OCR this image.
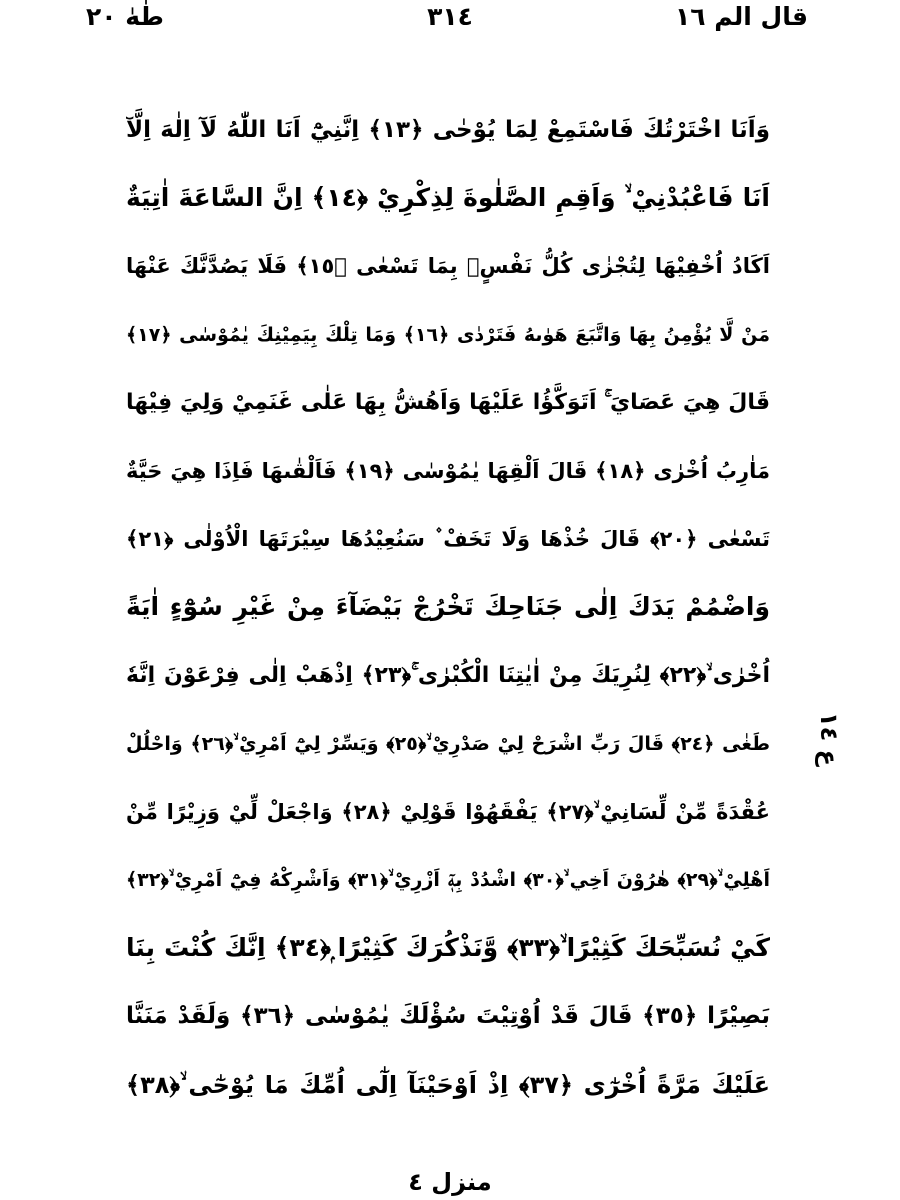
قال الم ١٦
٣١٤
طٰهٰ ٢٠
وَاَنَا اخْتَرْتُكَ فَاسْتَمِعْ لِمَا يُوْحٰى ﴿١٣﴾ اِنَّنِيْٓ اَنَا اللّٰهُ لَآ اِلٰهَ اِلَّآ
اَنَا فَاعْبُدْنِيْ ۙ وَاَقِمِ الصَّلٰوةَ لِذِكْرِيْ ﴿١٤﴾ اِنَّ السَّاعَةَ اٰتِيَةٌ
اَكَادُ اُخْفِيْهَا لِتُجْزٰى كُلُّ نَفْسٍۭ بِمَا تَسْعٰى ﴿١٥﴾ فَلَا يَصُدَّنَّكَ عَنْهَا
مَنْ لَّا يُؤْمِنُ بِهَا وَاتَّبَعَ هَوٰىهُ فَتَرْدٰى ﴿١٦﴾ وَمَا تِلْكَ بِيَمِيْنِكَ يٰمُوْسٰى ﴿١٧﴾
قَالَ هِيَ عَصَايَ ۚ اَتَوَكَّؤُا عَلَيْهَا وَاَهُشُّ بِهَا عَلٰى غَنَمِيْ وَلِيَ فِيْهَا
مَاٰرِبُ اُخْرٰى ﴿١٨﴾ قَالَ اَلْقِهَا يٰمُوْسٰى ﴿١٩﴾ فَاَلْقٰىهَا فَاِذَا هِيَ حَيَّةٌ
تَسْعٰى ﴿٢٠﴾ قَالَ خُذْهَا وَلَا تَخَفْ ۫ سَنُعِيْدُهَا سِيْرَتَهَا الْاُوْلٰى ﴿٢١﴾
وَاضْمُمْ يَدَكَ اِلٰى جَنَاحِكَ تَخْرُجْ بَيْضَآءَ مِنْ غَيْرِ سُوْٓءٍ اٰيَةً
اُخْرٰى ۙ﴿٢٢﴾ لِنُرِيَكَ مِنْ اٰيٰتِنَا الْكُبْرٰى ۚ﴿٢٣﴾ اِذْهَبْ اِلٰى فِرْعَوْنَ اِنَّهٗ
طَغٰى ﴿٢٤﴾ قَالَ رَبِّ اشْرَحْ لِيْ صَدْرِيْ ۙ﴿٢٥﴾ وَيَسِّرْ لِيْٓ اَمْرِيْ ۙ﴿٢٦﴾ وَاحْلُلْ
عُقْدَةً مِّنْ لِّسَانِيْ ۙ﴿٢٧﴾ يَفْقَهُوْا قَوْلِيْ ﴿٢٨﴾ وَاجْعَلْ لِّيْ وَزِيْرًا مِّنْ
اَهْلِيْ ۙ﴿٢٩﴾ هٰرُوْنَ اَخِي ۙ﴿٣٠﴾ اشْدُدْ بِهٖٓ اَزْرِيْ ۙ﴿٣١﴾ وَاَشْرِكْهُ فِيْٓ اَمْرِيْ ۙ﴿٣٢﴾
كَيْ نُسَبِّحَكَ كَثِيْرًا ۙ﴿٣٣﴾ وَّنَذْكُرَكَ كَثِيْرًا ۭ﴿٣٤﴾ اِنَّكَ كُنْتَ بِنَا
بَصِيْرًا ﴿٣٥﴾ قَالَ قَدْ اُوْتِيْتَ سُؤْلَكَ يٰمُوْسٰى ﴿٣٦﴾ وَلَقَدْ مَنَنَّا
عَلَيْكَ مَرَّةً اُخْرٰٓى ﴿٣٧﴾ اِذْ اَوْحَيْنَآ اِلٰٓى اُمِّكَ مَا يُوْحٰٓى ۙ﴿٣٨﴾
ع ١٤
منزل ٤
